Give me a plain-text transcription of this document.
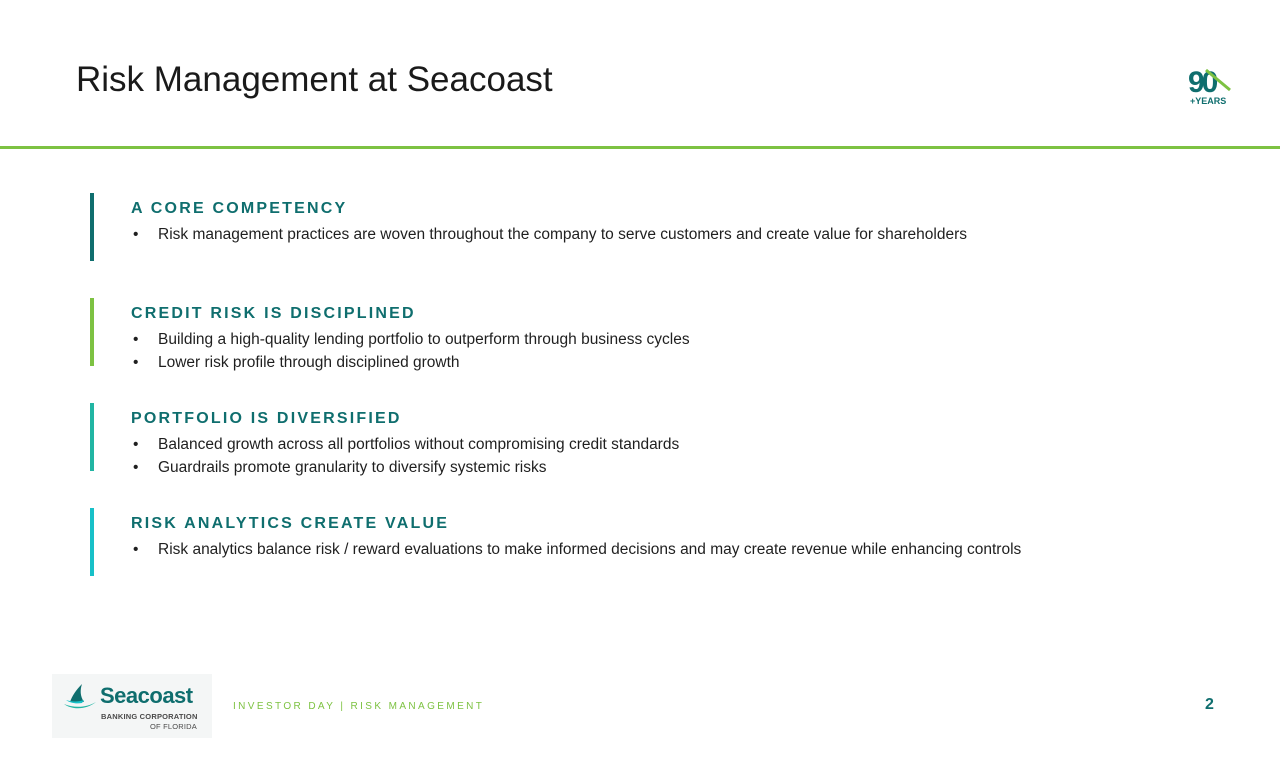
Risk Management at Seacoast	90
+YEARS
A CORE COMPETENCY
• Risk management practices are woven throughout the company to serve customers and create value for shareholders
CREDIT RISK IS DISCIPLINED
• Building a high-quality lending portfolio to outperform through business cycles
• Lower risk profile through disciplined growth
PORTFOLIO IS DIVERSIFIED
• Balanced growth across all portfolios without compromising credit standards
• Guardrails promote granularity to diversify systemic risks
RISK ANALYTICS CREATE VALUE
• Risk analytics balance risk / reward evaluations to make informed decisions and may create revenue while enhancing controls
Seacoast
BANKING CORPORATION
OF FLORIDA
INVESTOR DAY | RISK MANAGEMENT	2
